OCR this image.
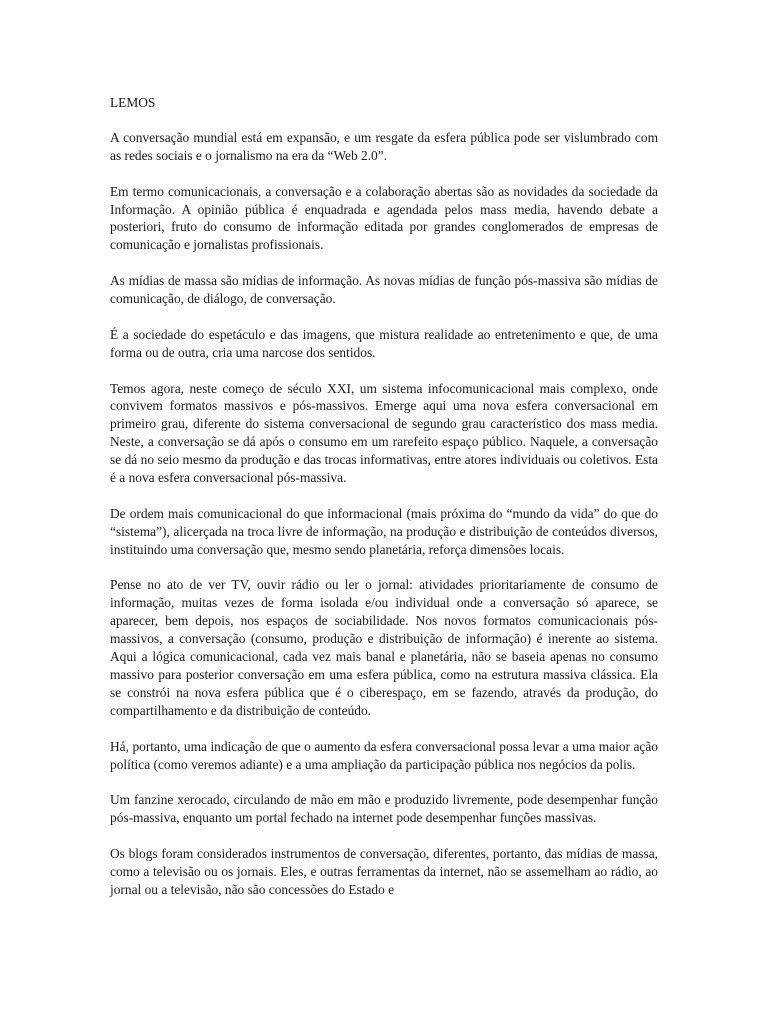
LEMOS

A conversação mundial está em expansão, e um resgate da esfera pública pode ser vislumbrado com as redes sociais e o jornalismo na era da “Web 2.0”.

Em termo comunicacionais, a conversação e a colaboração abertas são as novidades da sociedade da Informação. A opinião pública é enquadrada e agendada pelos mass media, havendo debate a posteriori, fruto do consumo de informação editada por grandes conglomerados de empresas de comunicação e jornalistas profissionais.

As mídias de massa são mídias de informação. As novas mídias de função pós-massiva são mídias de comunicação, de diálogo, de conversação.

É a sociedade do espetáculo e das imagens, que mistura realidade ao entretenimento e que, de uma forma ou de outra, cria uma narcose dos sentidos.

Temos agora, neste começo de século XXI, um sistema infocomunicacional mais complexo, onde convivem formatos massivos e pós-massivos. Emerge aqui uma nova esfera conversacional em primeiro grau, diferente do sistema conversacional de segundo grau característico dos mass media. Neste, a conversação se dá após o consumo em um rarefeito espaço público. Naquele, a conversação se dá no seio mesmo da produção e das trocas informativas, entre atores individuais ou coletivos. Esta é a nova esfera conversacional pós-massiva.

De ordem mais comunicacional do que informacional (mais próxima do “mundo da vida” do que do “sistema”), alicerçada na troca livre de informação, na produção e distribuição de conteúdos diversos, instituindo uma conversação que, mesmo sendo planetária, reforça dimensões locais.

Pense no ato de ver TV, ouvir rádio ou ler o jornal: atividades prioritariamente de consumo de informação, muitas vezes de forma isolada e/ou individual onde a conversação só aparece, se aparecer, bem depois, nos espaços de sociabilidade. Nos novos formatos comunicacionais pós-massivos, a conversação (consumo, produção e distribuição de informação) é inerente ao sistema. Aqui a lógica comunicacional, cada vez mais banal e planetária, não se baseia apenas no consumo massivo para posterior conversação em uma esfera pública, como na estrutura massiva clássica. Ela se constrói na nova esfera pública que é o ciberespaço, em se fazendo, através da produção, do compartilhamento e da distribuição de conteúdo.

Há, portanto, uma indicação de que o aumento da esfera conversacional possa levar a uma maior ação política (como veremos adiante) e a uma ampliação da participação pública nos negócios da polis.

Um fanzine xerocado, circulando de mão em mão e produzido livremente, pode desempenhar função pós-massiva, enquanto um portal fechado na internet pode desempenhar funções massivas.

Os blogs foram considerados instrumentos de conversação, diferentes, portanto, das mídias de massa, como a televisão ou os jornais. Eles, e outras ferramentas da internet, não se assemelham ao rádio, ao jornal ou a televisão, não são concessões do Estado e
